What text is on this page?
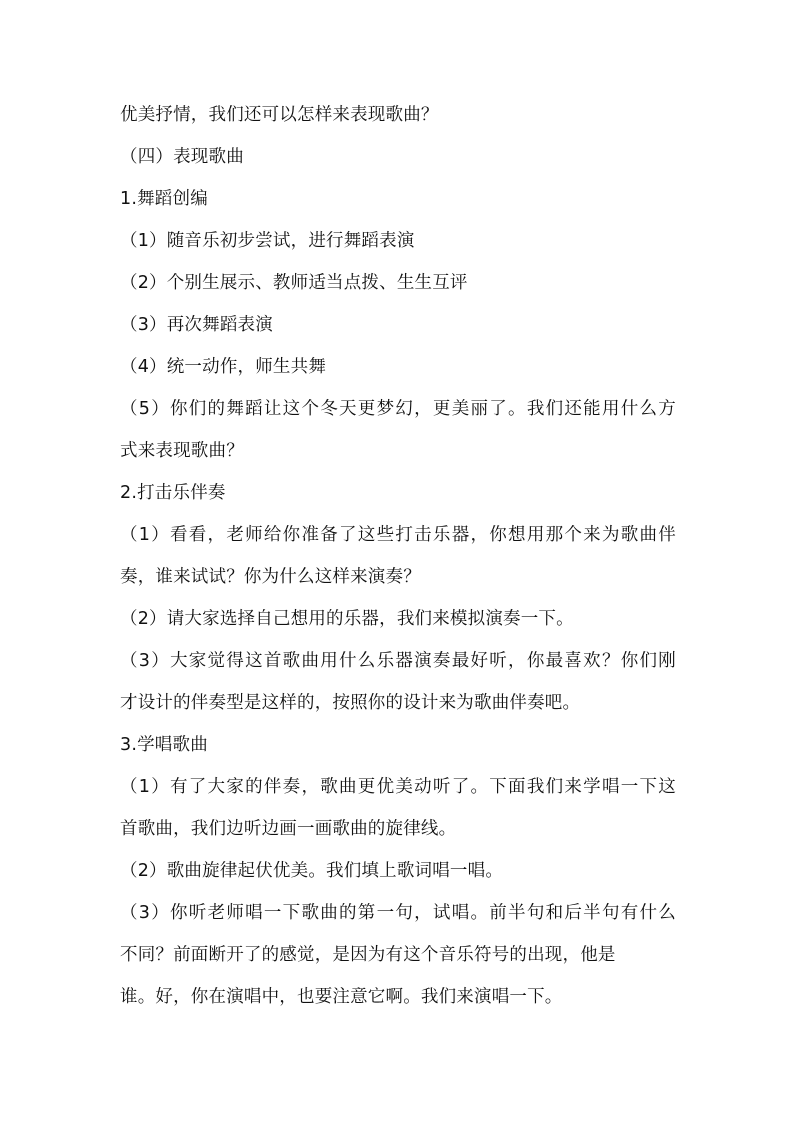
优美抒情，我们还可以怎样来表现歌曲？
（四）表现歌曲
1.舞蹈创编
（1）随音乐初步尝试，进行舞蹈表演
（2）个别生展示、教师适当点拨、生生互评
（3）再次舞蹈表演
（4）统一动作，师生共舞
（5）你们的舞蹈让这个冬天更梦幻，更美丽了。我们还能用什么方
式来表现歌曲？
2.打击乐伴奏
（1）看看，老师给你准备了这些打击乐器，你想用那个来为歌曲伴
奏，谁来试试？你为什么这样来演奏？
（2）请大家选择自己想用的乐器，我们来模拟演奏一下。
（3）大家觉得这首歌曲用什么乐器演奏最好听，你最喜欢？你们刚
才设计的伴奏型是这样的，按照你的设计来为歌曲伴奏吧。
3.学唱歌曲
（1）有了大家的伴奏，歌曲更优美动听了。下面我们来学唱一下这
首歌曲，我们边听边画一画歌曲的旋律线。
（2）歌曲旋律起伏优美。我们填上歌词唱一唱。
（3）你听老师唱一下歌曲的第一句，试唱。前半句和后半句有什么
不同？前面断开了的感觉，是因为有这个音乐符号的出现，他是
谁。好，你在演唱中，也要注意它啊。我们来演唱一下。
